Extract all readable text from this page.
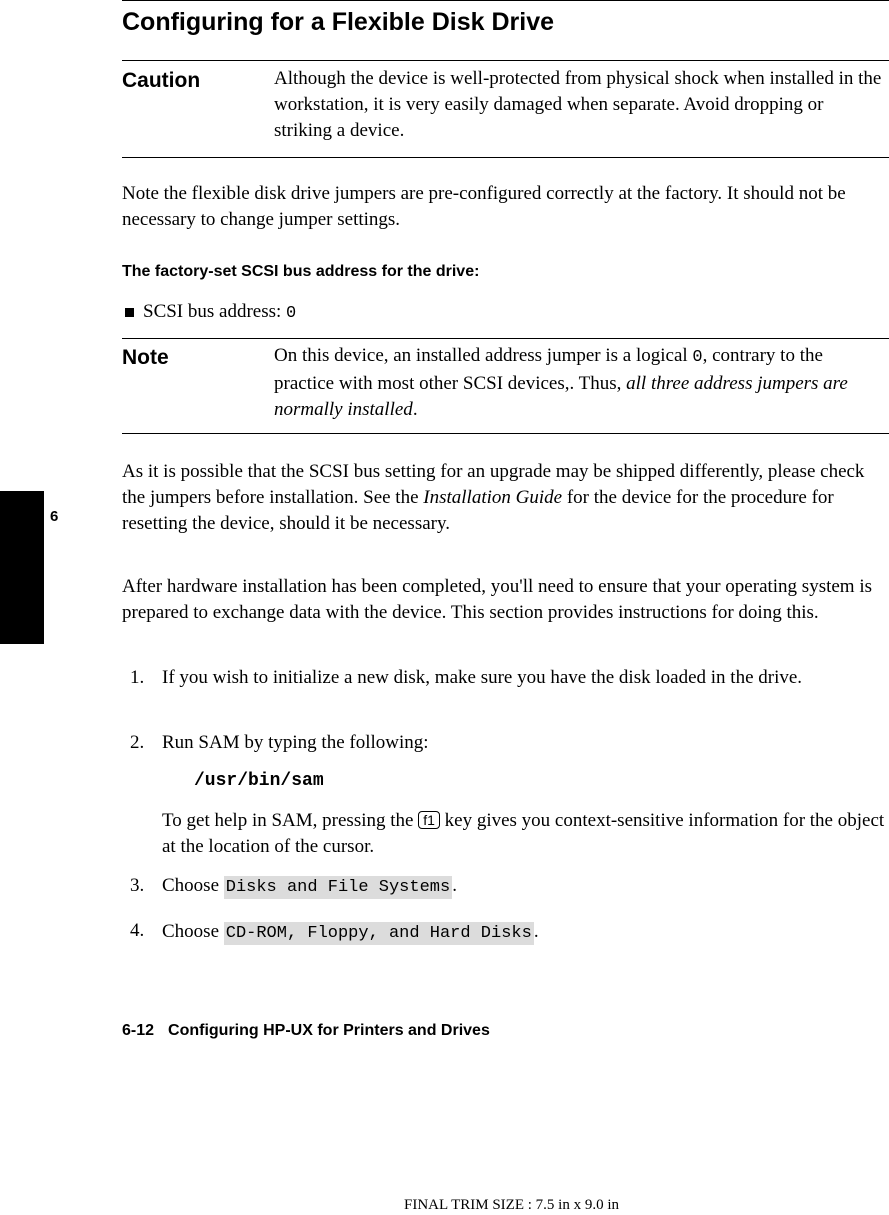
Configuring for a Flexible Disk Drive
Caution	Although the device is well-protected from physical shock when installed in the workstation, it is very easily damaged when separate. Avoid dropping or striking a device.
Note the flexible disk drive jumpers are pre-configured correctly at the factory. It should not be necessary to change jumper settings.
The factory-set SCSI bus address for the drive:
SCSI bus address: 0
Note	On this device, an installed address jumper is a logical 0, contrary to the practice with most other SCSI devices,. Thus, all three address jumpers are normally installed.
As it is possible that the SCSI bus setting for an upgrade may be shipped differently, please check the jumpers before installation. See the Installation Guide for the device for the procedure for resetting the device, should it be necessary.
After hardware installation has been completed, you'll need to ensure that your operating system is prepared to exchange data with the device. This section provides instructions for doing this.
1. If you wish to initialize a new disk, make sure you have the disk loaded in the drive.
2. Run SAM by typing the following:
/usr/bin/sam
To get help in SAM, pressing the f1 key gives you context-sensitive information for the object at the location of the cursor.
3. Choose Disks and File Systems .
4. Choose CD-ROM, Floppy, and Hard Disks .
6
6-12 Configuring HP-UX for Printers and Drives
FINAL TRIM SIZE : 7.5 in x 9.0 in
